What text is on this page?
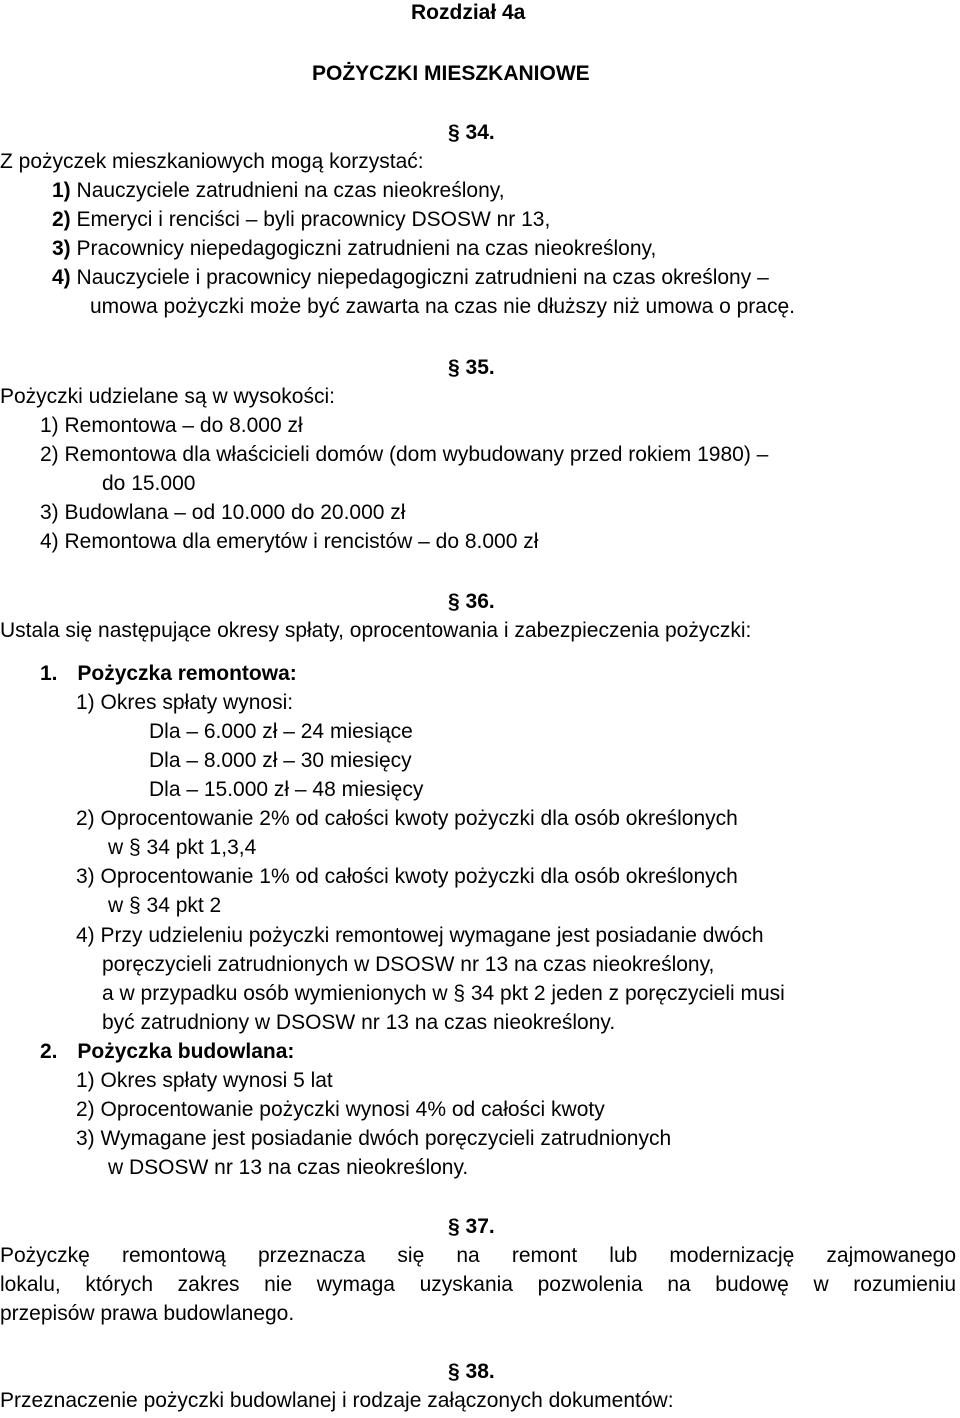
Rozdział 4a
POŻYCZKI MIESZKANIOWE
§ 34.
Z pożyczek mieszkaniowych mogą korzystać:
1) Nauczyciele zatrudnieni na czas nieokreślony,
2) Emeryci i renciści – byli pracownicy DSOSW nr 13,
3) Pracownicy niepedagogiczni zatrudnieni na czas nieokreślony,
4) Nauczyciele i pracownicy niepedagogiczni zatrudnieni na czas określony –
umowa pożyczki może być zawarta na czas nie dłuższy niż umowa o pracę.
§ 35.
Pożyczki udzielane są w wysokości:
1) Remontowa – do 8.000 zł
2) Remontowa dla właścicieli domów (dom wybudowany przed rokiem 1980) –
do 15.000
3) Budowlana – od 10.000 do 20.000 zł
4) Remontowa dla emerytów i rencistów – do 8.000 zł
§ 36.
Ustala się następujące okresy spłaty, oprocentowania i zabezpieczenia pożyczki:
1. Pożyczka remontowa:
1) Okres spłaty wynosi:
Dla – 6.000 zł – 24 miesiące
Dla – 8.000 zł – 30 miesięcy
Dla – 15.000 zł – 48 miesięcy
2) Oprocentowanie 2% od całości kwoty pożyczki dla osób określonych
w § 34 pkt 1,3,4
3) Oprocentowanie 1% od całości kwoty pożyczki dla osób określonych
w § 34 pkt 2
4) Przy udzieleniu pożyczki remontowej wymagane jest posiadanie dwóch
poręczycieli zatrudnionych w DSOSW nr 13 na czas nieokreślony,
a w przypadku osób wymienionych w § 34 pkt 2 jeden z poręczycieli musi
być zatrudniony w DSOSW nr 13 na czas nieokreślony.
2. Pożyczka budowlana:
1) Okres spłaty wynosi 5 lat
2) Oprocentowanie pożyczki wynosi 4% od całości kwoty
3) Wymagane jest posiadanie dwóch poręczycieli zatrudnionych
w DSOSW nr 13 na czas nieokreślony.
§ 37.
Pożyczkę remontową przeznacza się na remont lub modernizację zajmowanego
lokalu, których zakres nie wymaga uzyskania pozwolenia na budowę w rozumieniu
przepisów prawa budowlanego.
§ 38.
Przeznaczenie pożyczki budowlanej i rodzaje załączonych dokumentów:
